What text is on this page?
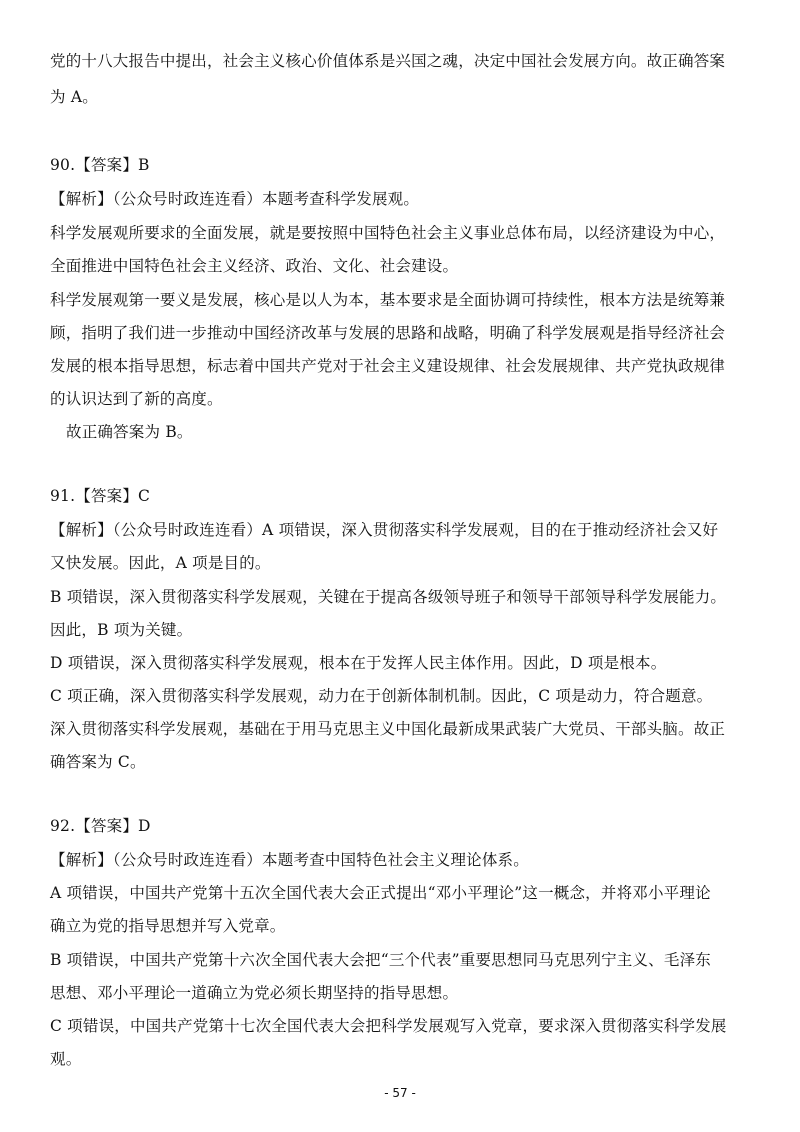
党的十八大报告中提出，社会主义核心价值体系是兴国之魂，决定中国社会发展方向。故正确答案
为 A。
90.【答案】B
【解析】（公众号时政连连看）本题考查科学发展观。
科学发展观所要求的全面发展，就是要按照中国特色社会主义事业总体布局，以经济建设为中心，
全面推进中国特色社会主义经济、政治、文化、社会建设。
科学发展观第一要义是发展，核心是以人为本，基本要求是全面协调可持续性，根本方法是统筹兼
顾，指明了我们进一步推动中国经济改革与发展的思路和战略，明确了科学发展观是指导经济社会
发展的根本指导思想，标志着中国共产党对于社会主义建设规律、社会发展规律、共产党执政规律
的认识达到了新的高度。
故正确答案为 B。
91.【答案】C
【解析】（公众号时政连连看）A 项错误，深入贯彻落实科学发展观，目的在于推动经济社会又好
又快发展。因此，A 项是目的。
B 项错误，深入贯彻落实科学发展观，关键在于提高各级领导班子和领导干部领导科学发展能力。
因此，B 项为关键。
D 项错误，深入贯彻落实科学发展观，根本在于发挥人民主体作用。因此，D 项是根本。
C 项正确，深入贯彻落实科学发展观，动力在于创新体制机制。因此，C 项是动力，符合题意。
深入贯彻落实科学发展观，基础在于用马克思主义中国化最新成果武装广大党员、干部头脑。故正
确答案为 C。
92.【答案】D
【解析】（公众号时政连连看）本题考查中国特色社会主义理论体系。
A 项错误，中国共产党第十五次全国代表大会正式提出“邓小平理论”这一概念，并将邓小平理论
确立为党的指导思想并写入党章。
B 项错误，中国共产党第十六次全国代表大会把“三个代表”重要思想同马克思列宁主义、毛泽东
思想、邓小平理论一道确立为党必须长期坚持的指导思想。
C 项错误，中国共产党第十七次全国代表大会把科学发展观写入党章，要求深入贯彻落实科学发展
观。
- 57 -
